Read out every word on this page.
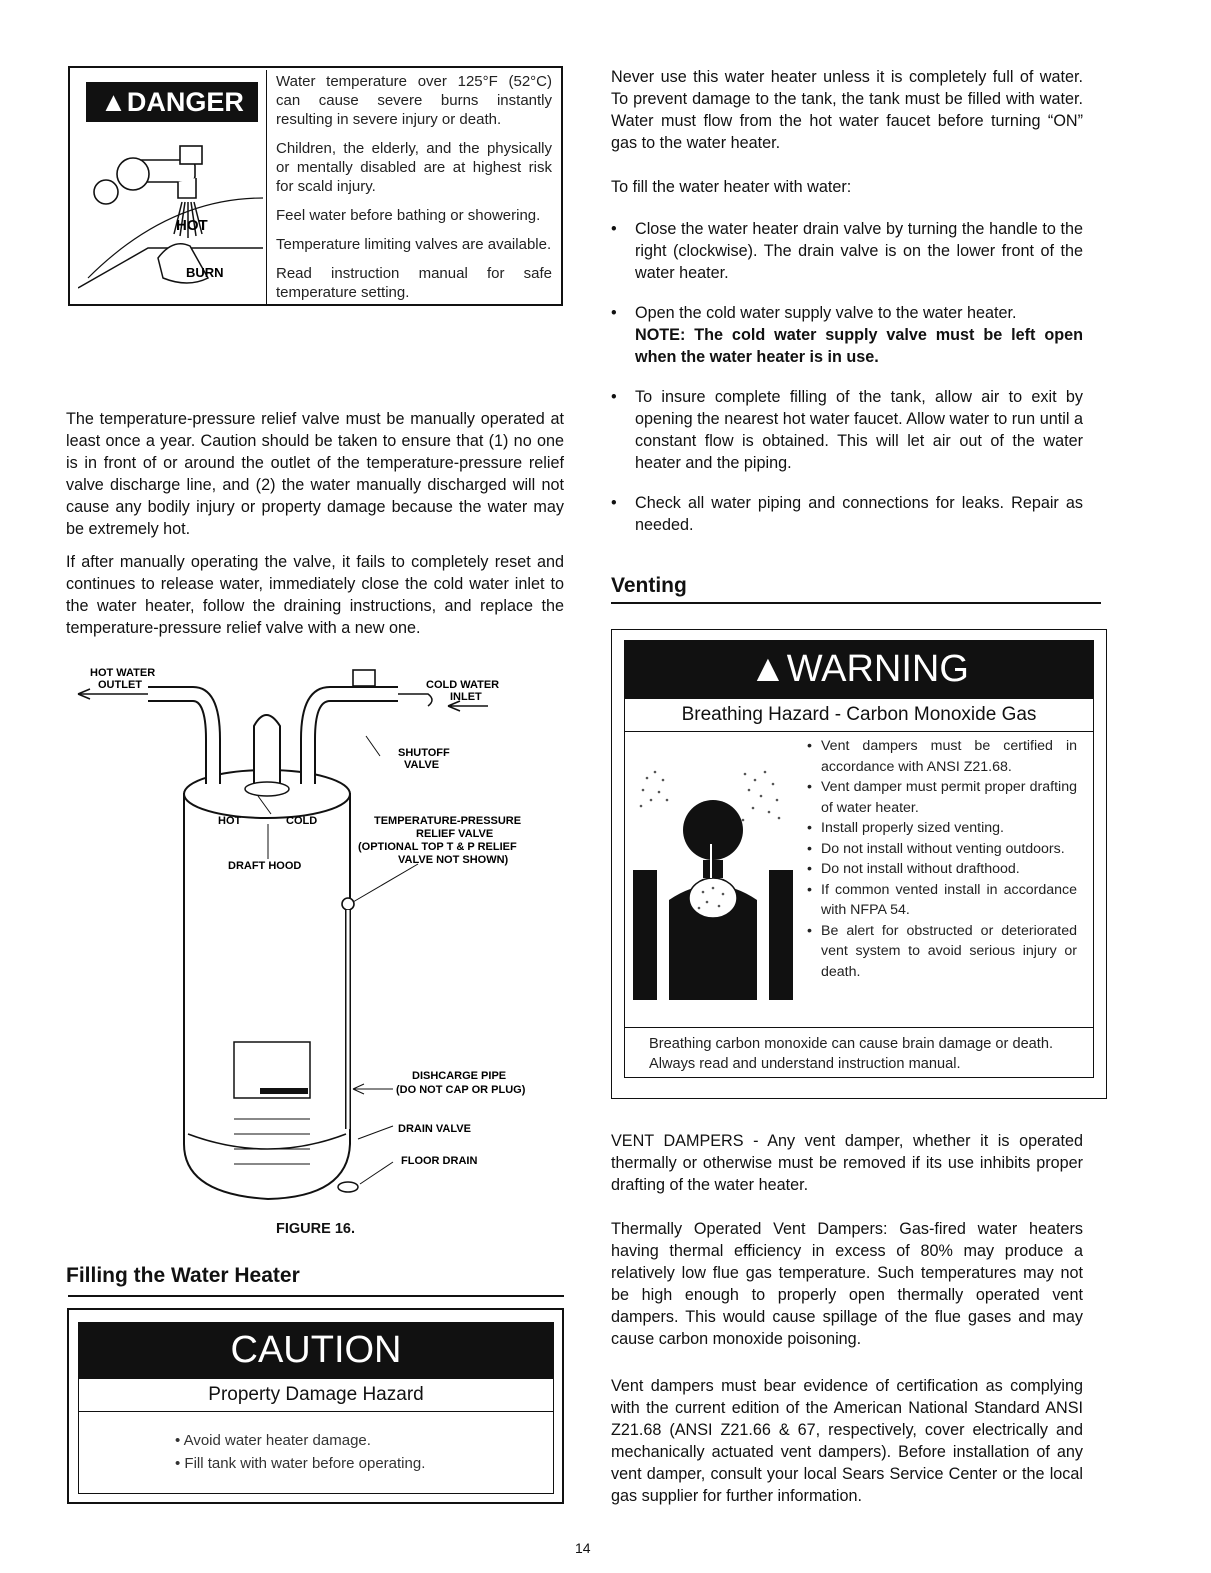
▲DANGER
HOT
BURN

Water temperature over 125°F (52°C) can cause severe burns instantly resulting in severe injury or death.

Children, the elderly, and the physically or mentally disabled are at highest risk for scald injury.

Feel water before bathing or showering.

Temperature limiting valves are available.

Read instruction manual for safe temperature setting.

The temperature-pressure relief valve must be manually operated at least once a year. Caution should be taken to ensure that (1) no one is in front of or around the outlet of the temperature-pressure relief valve discharge line, and (2) the water manually discharged will not cause any bodily injury or property damage because the water may be extremely hot.

If after manually operating the valve, it fails to completely reset and continues to release water, immediately close the cold water inlet to the water heater, follow the draining instructions, and replace the temperature-pressure relief valve with a new one.

HOT WATER
OUTLET	COLD WATER
INLET
SHUTOFF
VALVE
TEMPERATURE-PRESSURE
RELIEF VALVE
(OPTIONAL TOP T & P RELIEF
VALVE NOT SHOWN)
HOT	COLD
DRAFT HOOD
DISHCARGE PIPE
(DO NOT CAP OR PLUG)
DRAIN VALVE
FLOOR DRAIN
FIGURE 16.
Filling the Water Heater
CAUTION
Property Damage Hazard
• Avoid water heater damage.
• Fill tank with water before operating.
14

Never use this water heater unless it is completely full of water. To prevent damage to the tank, the tank must be filled with water. Water must flow from the hot water faucet before turning “ON” gas to the water heater.

To fill the water heater with water:

• Close the water heater drain valve by turning the handle to the right (clockwise). The drain valve is on the lower front of the water heater.

• Open the cold water supply valve to the water heater.

NOTE: The cold water supply valve must be left open when the water heater is in use.

• To insure complete filling of the tank, allow air to exit by opening the nearest hot water faucet. Allow water to run until a constant flow is obtained. This will let air out of the water heater and the piping.

• Check all water piping and connections for leaks. Repair as needed.

Venting
▲WARNING
Breathing Hazard - Carbon Monoxide Gas
• Vent dampers must be certified in accordance with ANSI Z21.68.
• Vent damper must permit proper drafting of water heater.
• Install properly sized venting.
• Do not install without venting outdoors.
• Do not install without drafthood.
• If common vented install in accordance with NFPA 54.
• Be alert for obstructed or deteriorated vent system to avoid serious injury or death.
Breathing carbon monoxide can cause brain damage or death. Always read and understand instruction manual.

VENT DAMPERS - Any vent damper, whether it is operated thermally or otherwise must be removed if its use inhibits proper drafting of the water heater.

Thermally Operated Vent Dampers: Gas-fired water heaters having thermal efficiency in excess of 80% may produce a relatively low flue gas temperature. Such temperatures may not be high enough to properly open thermally operated vent dampers. This would cause spillage of the flue gases and may cause carbon monoxide poisoning.

Vent dampers must bear evidence of certification as complying with the current edition of the American National Standard ANSI Z21.68 (ANSI Z21.66 & 67, respectively, cover electrically and mechanically actuated vent dampers). Before installation of any vent damper, consult your local Sears Service Center or the local gas supplier for further information.
